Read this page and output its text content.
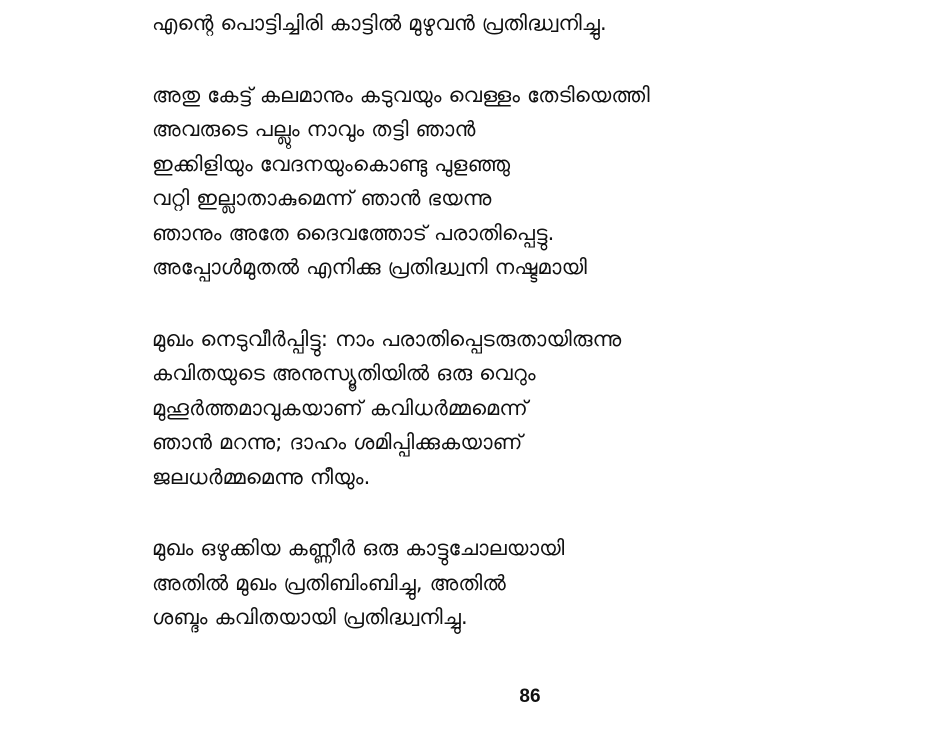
എന്റെ പൊട്ടിച്ചിരി കാട്ടിൽ മുഴുവൻ പ്രതിദ്ധ്വനിച്ചു.
അതു കേട്ട് കലമാനും കടുവയും വെള്ളം തേടിയെത്തി
അവരുടെ പല്ലും നാവും തട്ടി ഞാൻ
ഇക്കിളിയും വേദനയുംകൊണ്ടു പുളഞ്ഞു
വറ്റി ഇല്ലാതാകുമെന്ന് ഞാൻ ഭയന്നു
ഞാനും അതേ ദൈവത്തോട് പരാതിപ്പെട്ടു.
അപ്പോൾമുതൽ എനിക്കു പ്രതിദ്ധ്വനി നഷ്ടമായി
മുഖം നെടുവീർപ്പിട്ടു: നാം പരാതിപ്പെടരുതായിരുന്നു
കവിതയുടെ അനുസ്യൂതിയിൽ ഒരു വെറും
മുഹൂർത്തമാവുകയാണ് കവിധർമ്മമെന്ന്
ഞാൻ മറന്നു; ദാഹം ശമിപ്പിക്കുകയാണ്
ജലധർമ്മമെന്നു നീയും.
മുഖം ഒഴുക്കിയ കണ്ണീർ ഒരു കാട്ടുചോലയായി
അതിൽ മുഖം പ്രതിബിംബിച്ചു, അതിൽ
ശബ്ദം കവിതയായി പ്രതിദ്ധ്വനിച്ചു.
86
